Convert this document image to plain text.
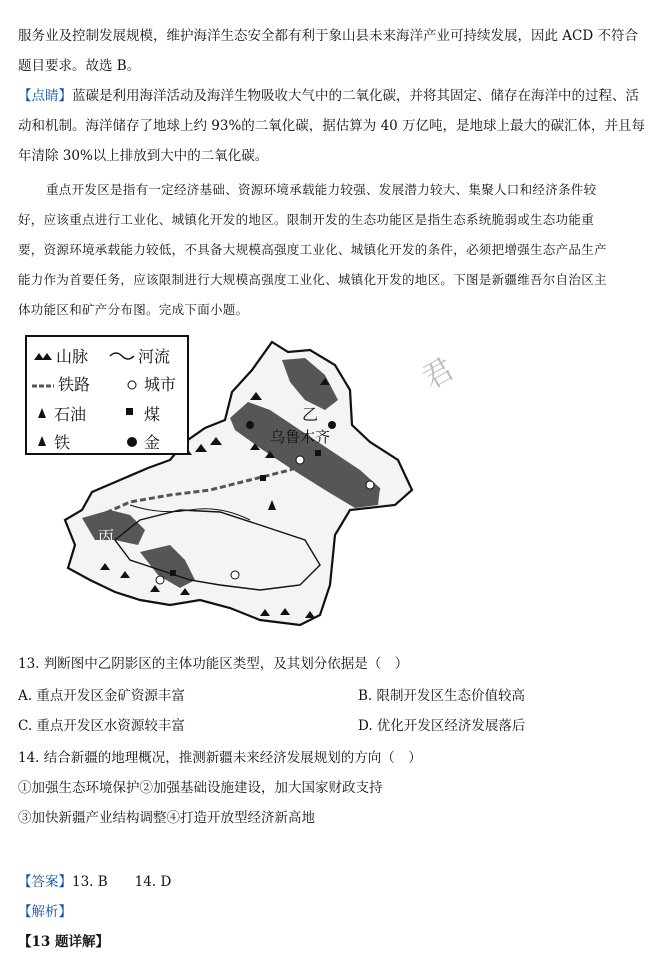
服务业及控制发展规模，维护海洋生态安全都有利于象山县未来海洋产业可持续发展，因此 ACD 不符合
题目要求。故选 B。
【点睛】蓝碳是利用海洋活动及海洋生物吸收大气中的二氧化碳，并将其固定、储存在海洋中的过程、活
动和机制。海洋储存了地球上约 93%的二氧化碳，据估算为 40 万亿吨，是地球上最大的碳汇体，并且每
年清除 30%以上排放到大中的二氧化碳。
重点开发区是指有一定经济基础、资源环境承载能力较强、发展潜力较大、集聚人口和经济条件较
好，应该重点进行工业化、城镇化开发的地区。限制开发的生态功能区是指生态系统脆弱或生态功能重
要，资源环境承载能力较低，不具备大规模高强度工业化、城镇化开发的条件，必须把增强生态产品生产
能力作为首要任务，应该限制进行大规模高强度工业化、城镇化开发的地区。下图是新疆维吾尔自治区主
体功能区和矿产分布图。完成下面小题。
山脉	河流
铁路	城市
石油	煤
铁	金
乙
乌鲁木齐
丙
君
13. 判断图中乙阴影区的主体功能区类型，及其划分依据是（　）
A. 重点开发区金矿资源丰富	B. 限制开发区生态价值较高
C. 重点开发区水资源较丰富	D. 优化开发区经济发展落后
14. 结合新疆的地理概况，推测新疆未来经济发展规划的方向（　）
①加强生态环境保护②加强基础设施建设，加大国家财政支持
③加快新疆产业结构调整④打造开放型经济新高地
【答案】13. B　　14. D
【解析】
【13 题详解】
